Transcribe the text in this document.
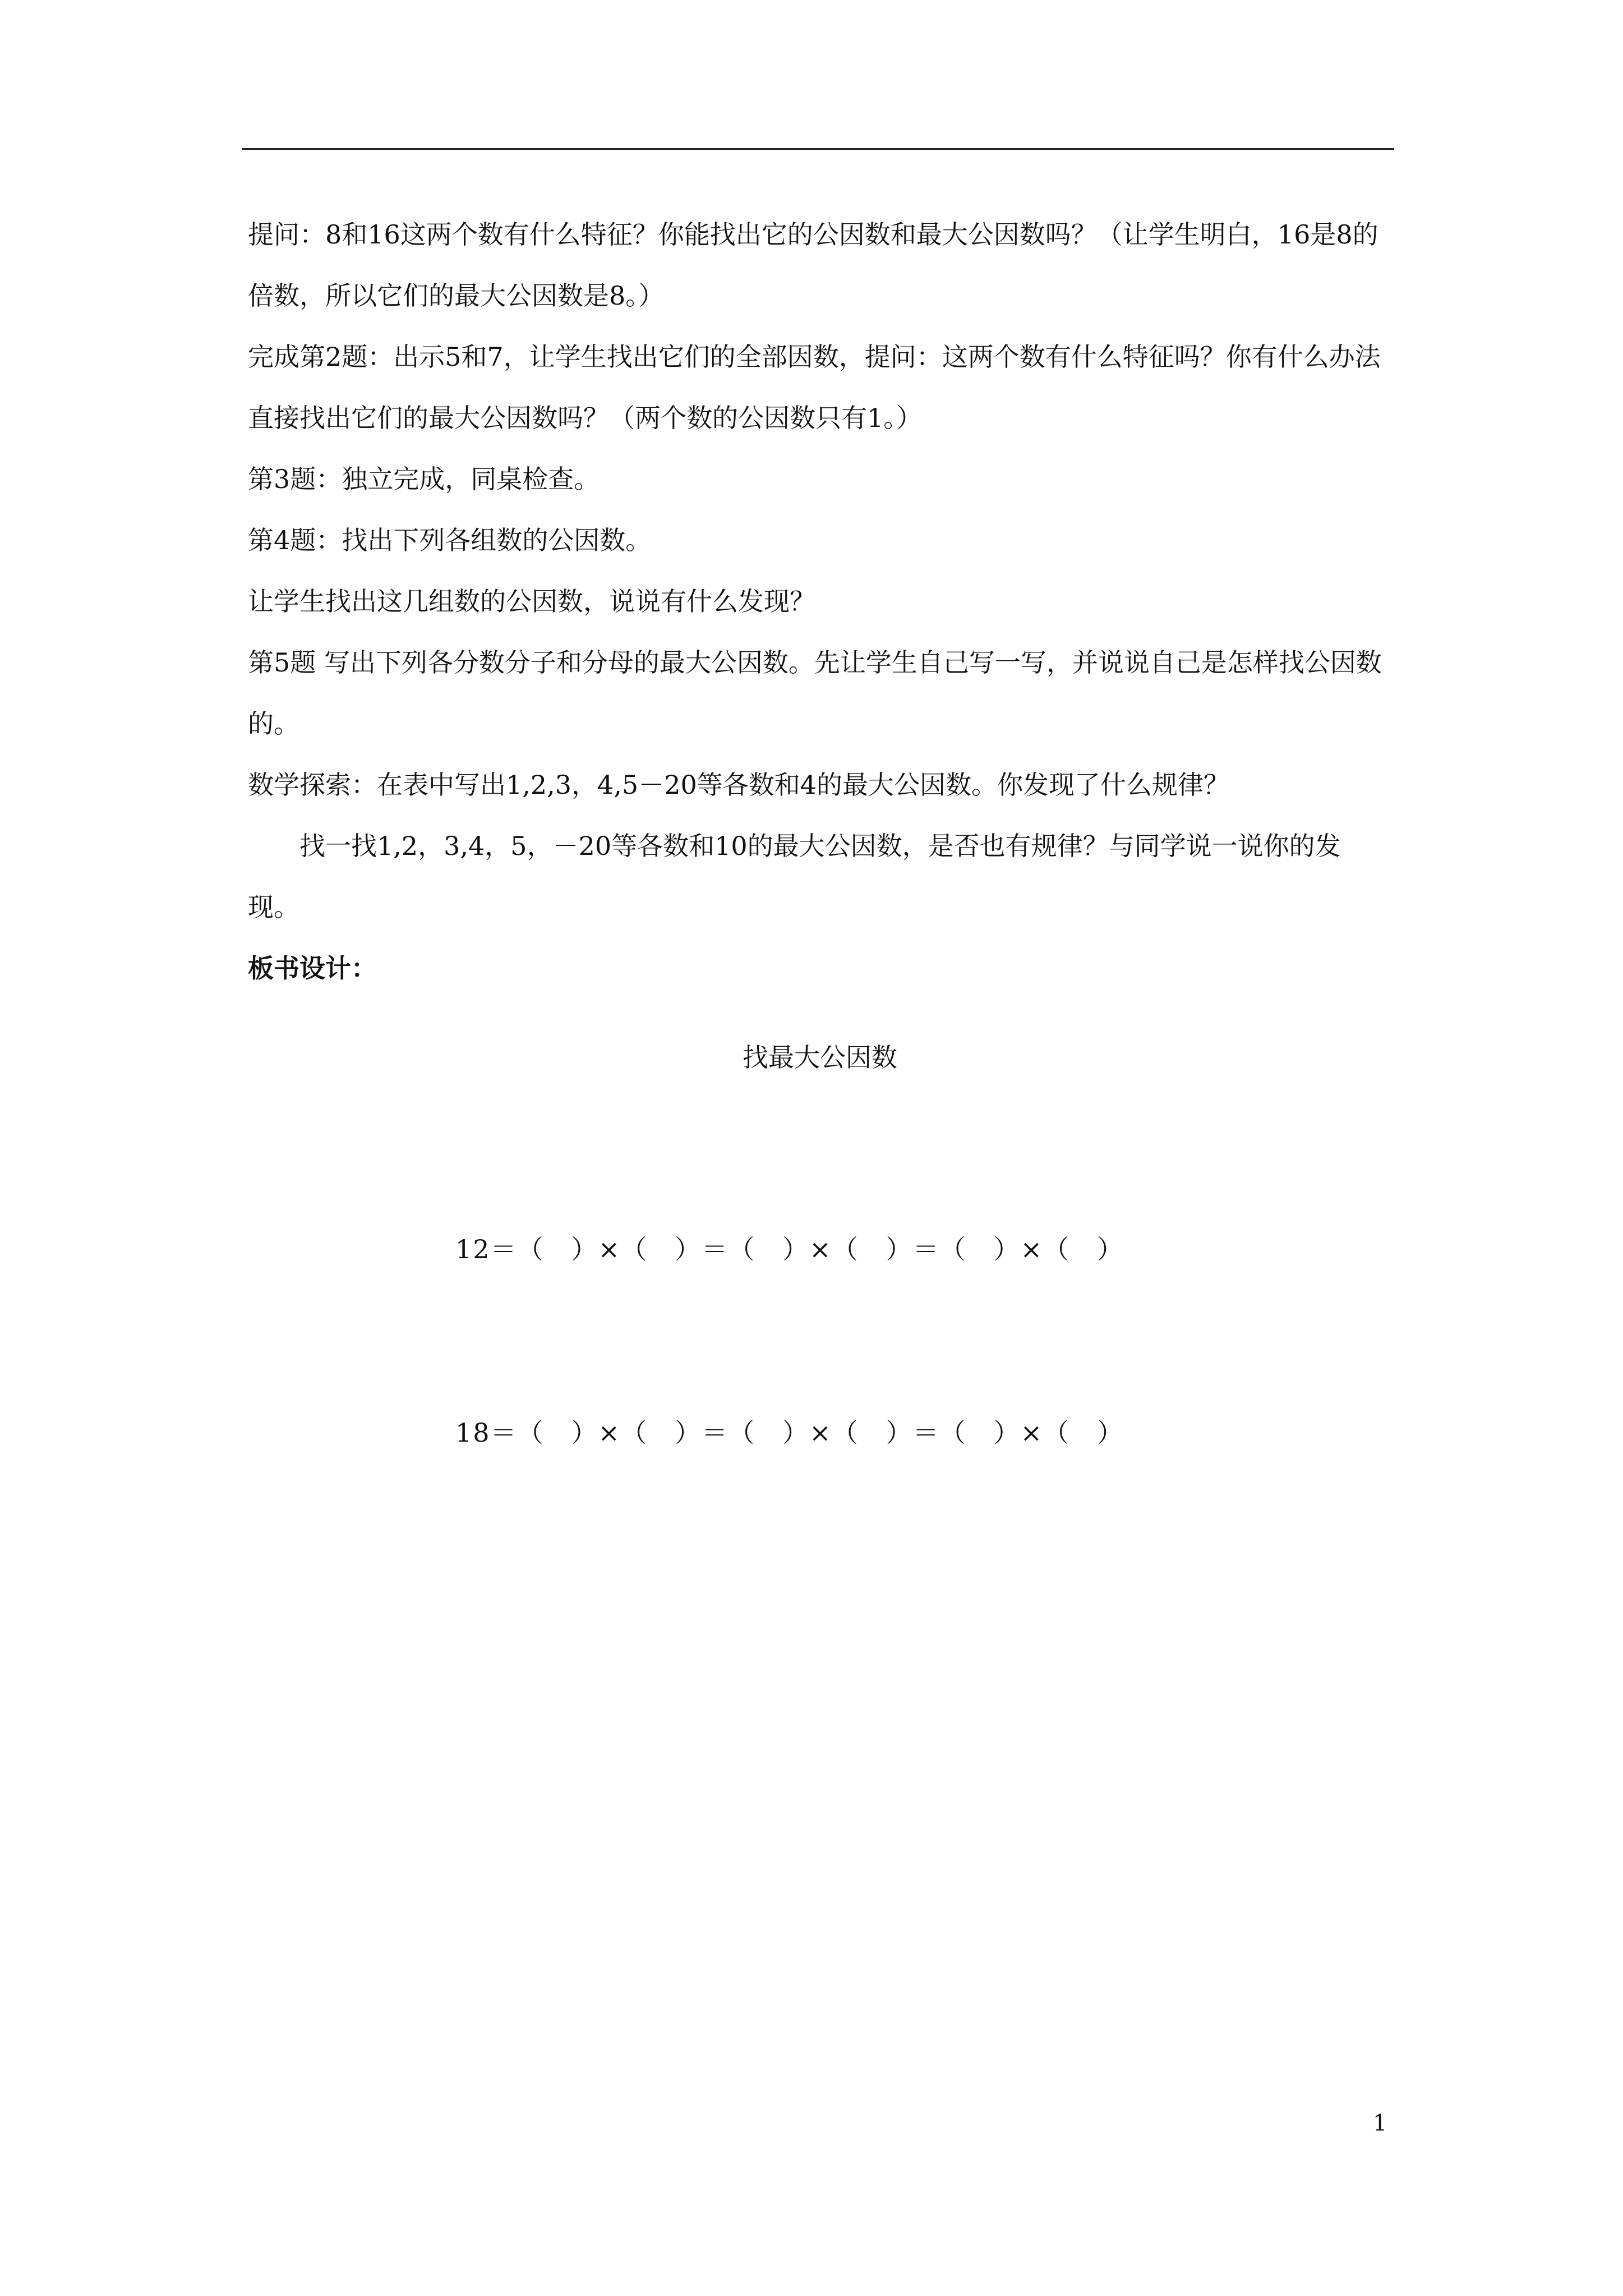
提问：8和16这两个数有什么特征？你能找出它的公因数和最大公因数吗？（让学生明白，16是8的倍数，所以它们的最大公因数是8。）

完成第2题：出示5和7，让学生找出它们的全部因数，提问：这两个数有什么特征吗？你有什么办法直接找出它们的最大公因数吗？（两个数的公因数只有1。）

第3题：独立完成，同桌检查。

第4题：找出下列各组数的公因数。

让学生找出这几组数的公因数，说说有什么发现？

第5题 写出下列各分数分子和分母的最大公因数。先让学生自己写一写，并说说自己是怎样找公因数的。

数学探索：在表中写出1,2,3，4,5－20等各数和4的最大公因数。你发现了什么规律？

找一找1,2，3,4，5，－20等各数和10的最大公因数，是否也有规律？与同学说一说你的发现。

板书设计：

找最大公因数

12＝（　）×（　）＝（　）×（　）＝（　）×（　）

18＝（　）×（　）＝（　）×（　）＝（　）×（　）

1
